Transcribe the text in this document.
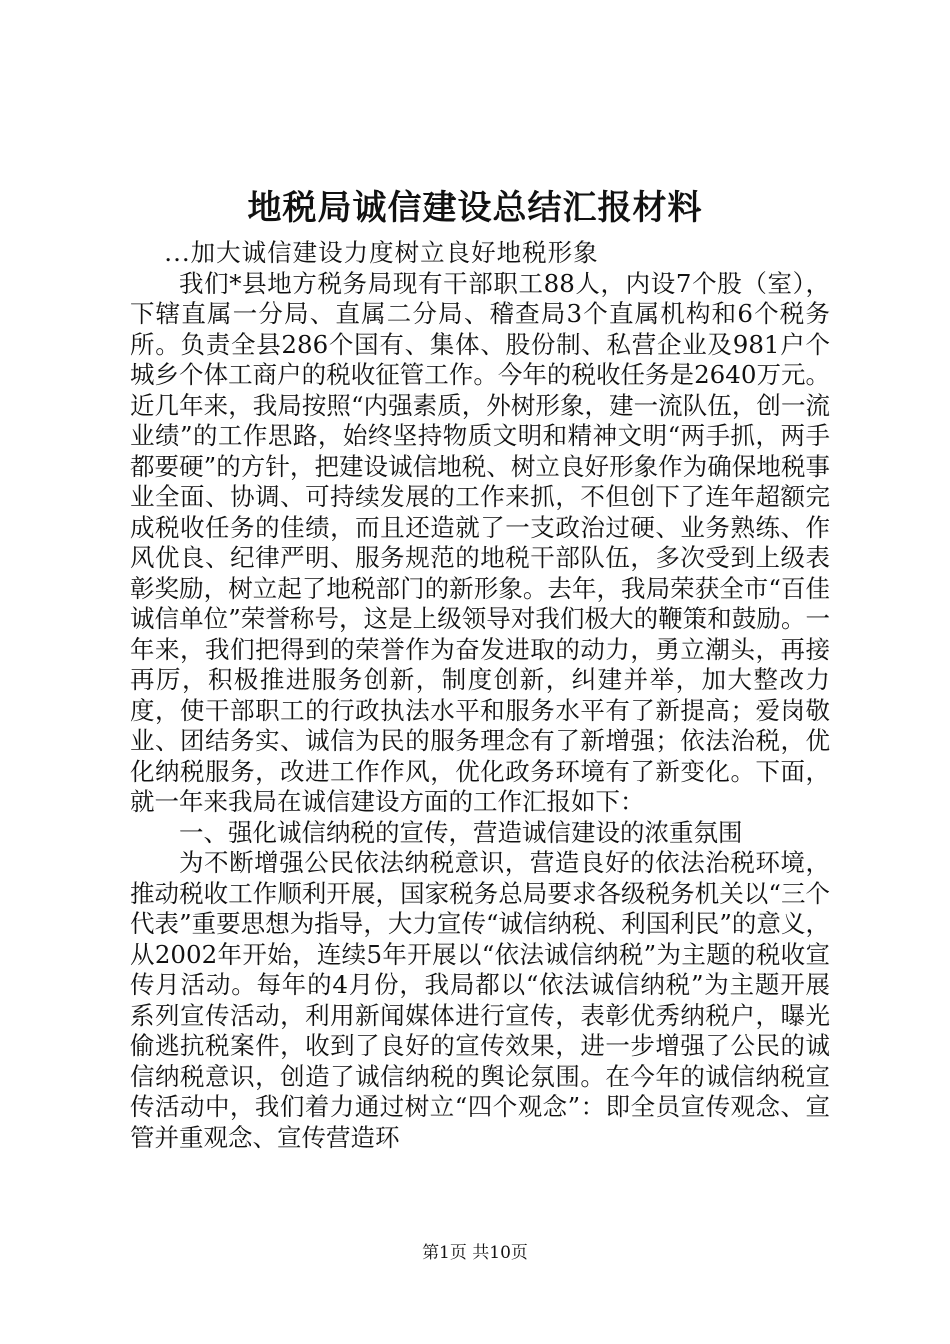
地税局诚信建设总结汇报材料

...加大诚信建设力度树立良好地税形象

我们*县地方税务局现有干部职工88人，内设7个股（室），下辖直属一分局、直属二分局、稽查局3个直属机构和6个税务所。负责全县286个国有、集体、股份制、私营企业及981户个城乡个体工商户的税收征管工作。今年的税收任务是2640万元。近几年来，我局按照“内强素质，外树形象，建一流队伍，创一流业绩”的工作思路，始终坚持物质文明和精神文明“两手抓，两手都要硬”的方针，把建设诚信地税、树立良好形象作为确保地税事业全面、协调、可持续发展的工作来抓，不但创下了连年超额完成税收任务的佳绩，而且还造就了一支政治过硬、业务熟练、作风优良、纪律严明、服务规范的地税干部队伍，多次受到上级表彰奖励，树立起了地税部门的新形象。去年，我局荣获全市“百佳诚信单位”荣誉称号，这是上级领导对我们极大的鞭策和鼓励。一年来，我们把得到的荣誉作为奋发进取的动力，勇立潮头，再接再厉，积极推进服务创新，制度创新，纠建并举，加大整改力度，使干部职工的行政执法水平和服务水平有了新提高；爱岗敬业、团结务实、诚信为民的服务理念有了新增强；依法治税，优化纳税服务，改进工作作风，优化政务环境有了新变化。下面，就一年来我局在诚信建设方面的工作汇报如下：

一、强化诚信纳税的宣传，营造诚信建设的浓重氛围

为不断增强公民依法纳税意识，营造良好的依法治税环境，推动税收工作顺利开展，国家税务总局要求各级税务机关以“三个代表”重要思想为指导，大力宣传“诚信纳税、利国利民”的意义，从2002年开始，连续5年开展以“依法诚信纳税”为主题的税收宣传月活动。每年的4月份，我局都以“依法诚信纳税”为主题开展系列宣传活动，利用新闻媒体进行宣传，表彰优秀纳税户，曝光偷逃抗税案件，收到了良好的宣传效果，进一步增强了公民的诚信纳税意识，创造了诚信纳税的舆论氛围。在今年的诚信纳税宣传活动中，我们着力通过树立“四个观念”：即全员宣传观念、宣管并重观念、宣传营造环

第1页 共10页
